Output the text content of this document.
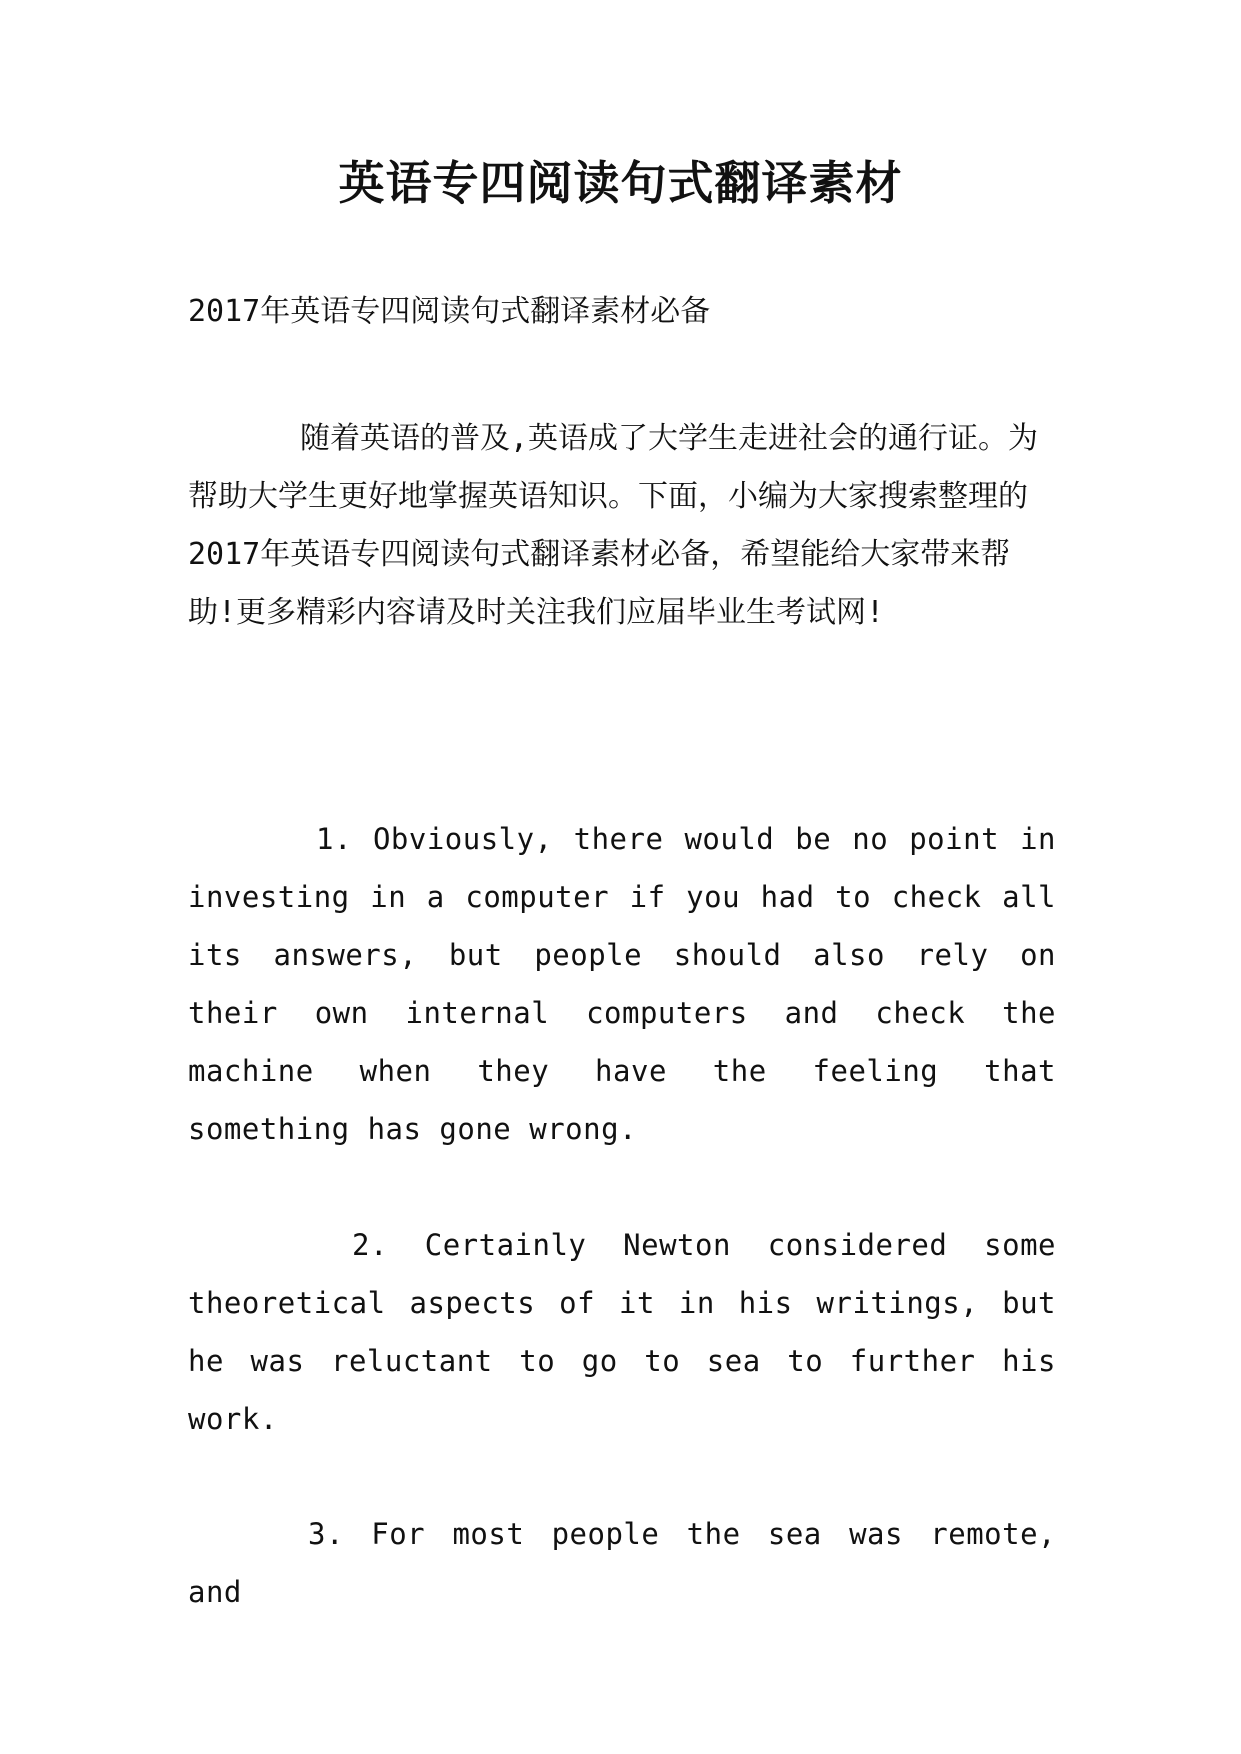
英语专四阅读句式翻译素材
2017年英语专四阅读句式翻译素材必备
随着英语的普及,英语成了大学生走进社会的通行证。为帮助大学生更好地掌握英语知识。下面，小编为大家搜索整理的2017年英语专四阅读句式翻译素材必备，希望能给大家带来帮助!更多精彩内容请及时关注我们应届毕业生考试网!
1. Obviously, there would be no point in investing in a computer if you had to check all its answers, but people should also rely on their own internal computers and check the machine when they have the feeling that something has gone wrong.
2. Certainly Newton considered some theoretical aspects of it in his writings, but he was reluctant to go to sea to further his work.
3. For most people the sea was remote, and
